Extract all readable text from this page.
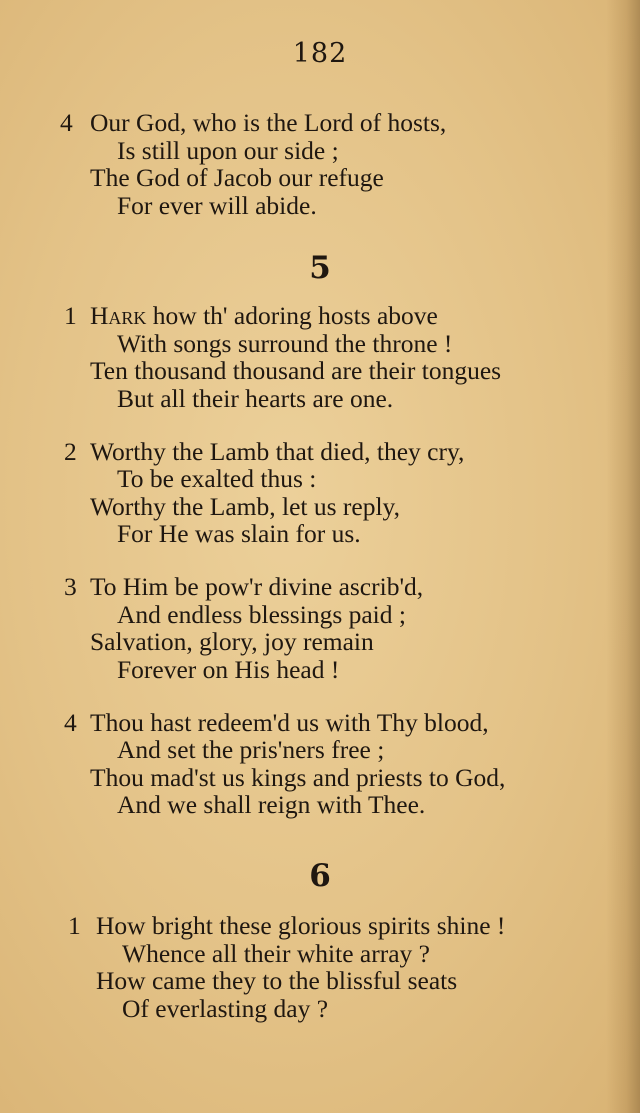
182
4 Our God, who is the Lord of hosts,
Is still upon our side ;
The God of Jacob our refuge
For ever will abide.
5
1 Hark how th' adoring hosts above
With songs surround the throne !
Ten thousand thousand are their tongues
But all their hearts are one.
2 Worthy the Lamb that died, they cry,
To be exalted thus :
Worthy the Lamb, let us reply,
For He was slain for us.
3 To Him be pow'r divine ascrib'd,
And endless blessings paid ;
Salvation, glory, joy remain
Forever on His head !
4 Thou hast redeem'd us with Thy blood,
And set the pris'ners free ;
Thou mad'st us kings and priests to God,
And we shall reign with Thee.
6
1 How bright these glorious spirits shine !
Whence all their white array ?
How came they to the blissful seats
Of everlasting day ?
